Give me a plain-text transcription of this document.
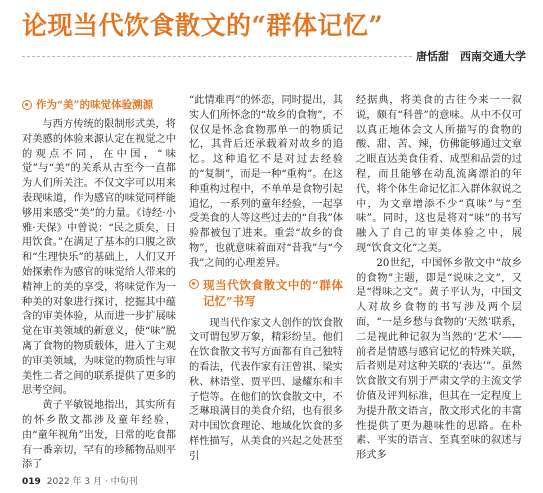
论现当代饮食散文的“群体记忆”
唐恬甜　西南交通大学
作为“美”的味觉体验溯源

与西方传统的限制形式美，将对美感的体验来源认定在视觉之中的观点不同，在中国，“味觉”与“美”的关系从古至今一直都为人们所关注。不仅文字可以用来表现味道，作为感官的味觉同样能够用来感受“美”的力量。《诗经·小雅·天保》中曾说：“民之质矣，日用饮食。”在满足了基本的口腹之欲和“生理快乐”的基础上，人们又开始探索作为感官的味觉给人带来的精神上的美的享受，将味觉作为一种美的对象进行探讨，挖掘其中蕴含的审美体验，从而进一步扩展味觉在审美领域的新意义，使“味”脱离了食物的物质载体，进入了主观的审美领域，为味觉的物质性与审美性二者之间的联系提供了更多的思考空间。

黄子平敏锐地指出，其实所有的怀乡散文都涉及童年经验，由“童年视角”出发，日常的吃食都有一番亲切，罕有的珍稀物品则平添了

“此情难再”的怀恋，同时提出，其实人们所怀念的“故乡的食物”，不仅仅是怀念食物那单一的物质记忆，其背后还承载着对故乡的追忆。这种追忆不是对过去经验的“复制”，而是一种“重构”。在这种重构过程中，不单单是食物引起追忆，一系列的童年经验，一起享受美食的人等这些过去的“自我”体验都被包了进来。重尝“故乡的食物”，也就意味着面对“昔我”与“今我”之间的心理差异。

现当代饮食散文中的“群体记忆”书写

现当代作家文人创作的饮食散文可谓包罗万象，精彩纷呈。他们在饮食散文书写方面都有自己独特的看法，代表作家有汪曾祺、梁实秋、林语堂、贾平凹、逯耀东和丰子恺等。在他们的饮食散文中，不乏琳琅满目的美食介绍，也有很多对中国饮食理论、地域化饮食的多样性描写，从美食的兴起之处甚至引

经据典，将美食的古往今来一一叙说，颇有“科普”的意味。从中不仅可以真正地体会文人所描写的食物的酸、甜、苦、辣，仿佛能够通过文章之眼直达美食佳肴、成型和品尝的过程，而且能够在动乱流离漂泊的年代，将个体生命记忆汇入群体叙说之中，为文章增添不少“真味”与“至味”。同时，这也是将对“味”的书写融入了自己的审美体验之中，展现“饮食文化”之美。

20世纪，中国怀乡散文中“故乡的食物”主题，即是“说味之文”，又是“得味之文”。黄子平认为，中国文人对故乡食物的书写涉及两个层面，“一是乡愁与食物的‘天然’联系，二是视此种记叙为当然的‘艺术’——前者是情感与感官记忆的特殊关联，后者则是对这种关联的‘表达’”。虽然饮食散文有别于严肃文学的主流文学价值及评判标准，但其在一定程度上为提升散文语言，散文形式化的丰富性提供了更为趣味性的思路。在朴素、平实的语言、至真至味的叙述与形式多

019 2022 年 3 月 · 中旬刊
